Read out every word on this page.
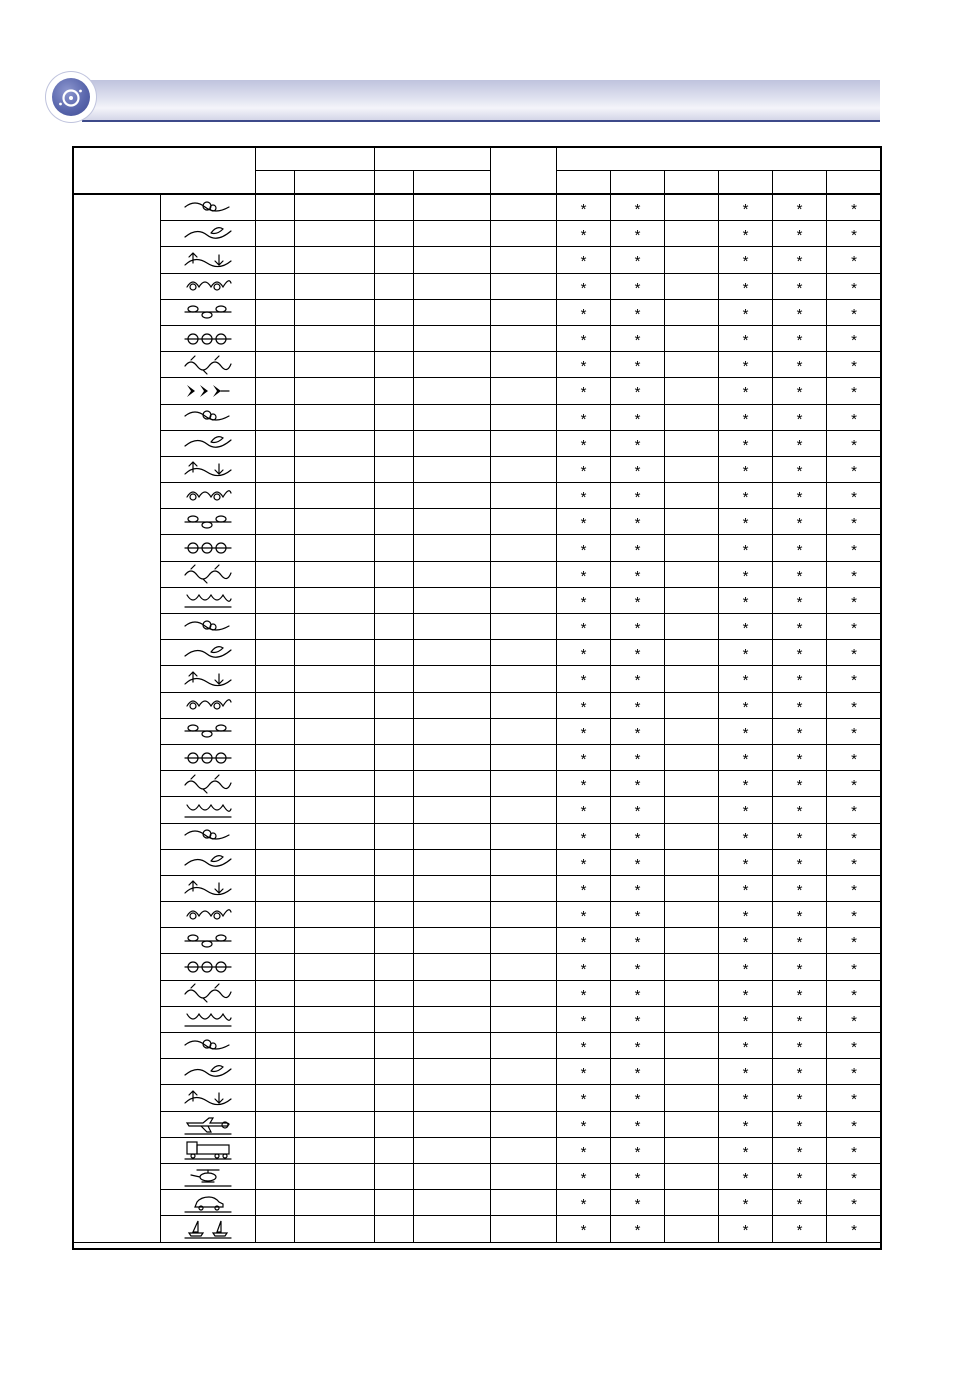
						*	*		*	*	*

						*	*		*	*	*

						*	*		*	*	*

						*	*		*	*	*

						*	*		*	*	*

						*	*		*	*	*

						*	*		*	*	*

						*	*		*	*	*

						*	*		*	*	*

						*	*		*	*	*

						*	*		*	*	*

						*	*		*	*	*

						*	*		*	*	*

						*	*		*	*	*

						*	*		*	*	*

						*	*		*	*	*

						*	*		*	*	*

						*	*		*	*	*

						*	*		*	*	*

						*	*		*	*	*

						*	*		*	*	*

						*	*		*	*	*

						*	*		*	*	*

						*	*		*	*	*

						*	*		*	*	*

						*	*		*	*	*

						*	*		*	*	*

						*	*		*	*	*

						*	*		*	*	*

						*	*		*	*	*

						*	*		*	*	*

						*	*		*	*	*

						*	*		*	*	*

						*	*		*	*	*

						*	*		*	*	*

						*	*		*	*	*

						*	*		*	*	*

						*	*		*	*	*

						*	*		*	*	*

						*	*		*	*	*
